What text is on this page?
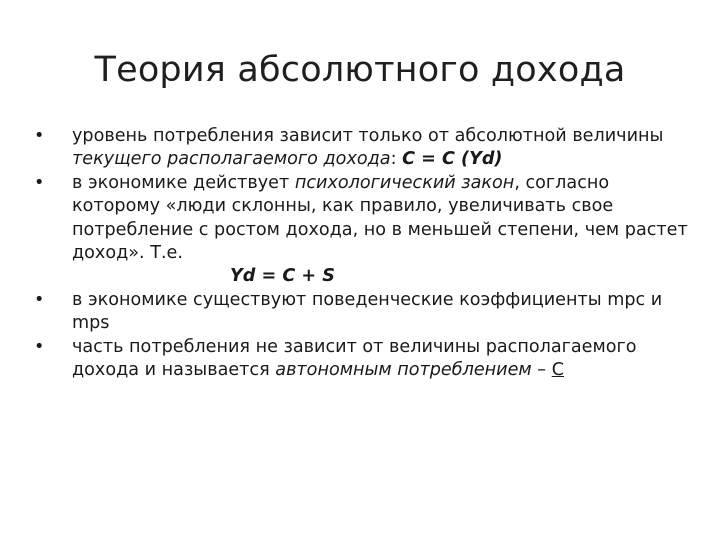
Теория абсолютного дохода
•	уровень потребления зависит только от абсолютной величины текущего располагаемого дохода: C = C (Yd)
•	в экономике действует психологический закон, согласно которому «люди склонны, как правило, увеличивать свое потребление с ростом дохода, но в меньшей степени, чем растет доход». Т.е.
Yd = C + S
•	в экономике существуют поведенческие коэффициенты mpc и mps
•	часть потребления не зависит от величины располагаемого дохода и называется автономным потреблением – C
